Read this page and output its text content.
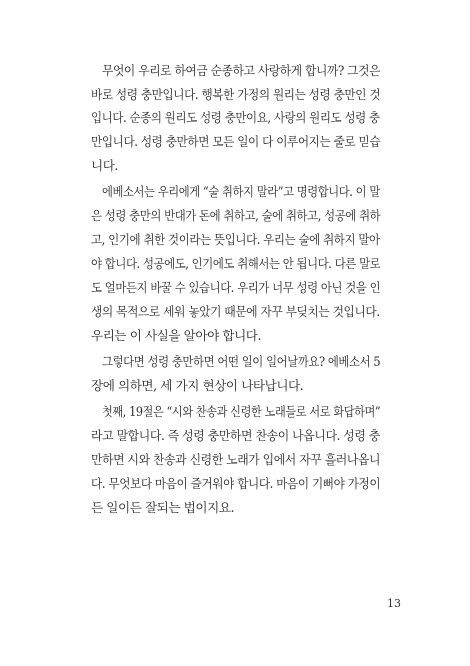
무엇이 우리로 하여금 순종하고 사랑하게 합니까? 그것은
바로 성령 충만입니다. 행복한 가정의 원리는 성령 충만인 것
입니다. 순종의 원리도 성령 충만이요, 사랑의 원리도 성령 충
만입니다. 성령 충만하면 모든 일이 다 이루어지는 줄로 믿습
니다.
에베소서는 우리에게 “술 취하지 말라”고 명령합니다. 이 말
은 성령 충만의 반대가 돈에 취하고, 술에 취하고, 성공에 취하
고, 인기에 취한 것이라는 뜻입니다. 우리는 술에 취하지 말아
야 합니다. 성공에도, 인기에도 취해서는 안 됩니다. 다른 말로
도 얼마든지 바꿀 수 있습니다. 우리가 너무 성령 아닌 것을 인
생의 목적으로 세워 놓았기 때문에 자꾸 부딪치는 것입니다.
우리는 이 사실을 알아야 합니다.
그렇다면 성령 충만하면 어떤 일이 일어날까요? 에베소서 5
장에 의하면, 세 가지 현상이 나타납니다.
첫째, 19절은 “시와 찬송과 신령한 노래들로 서로 화답하며”
라고 말합니다. 즉 성령 충만하면 찬송이 나옵니다. 성령 충
만하면 시와 찬송과 신령한 노래가 입에서 자꾸 흘러나옵니
다. 무엇보다 마음이 즐거워야 합니다. 마음이 기뻐야 가정이
든 일이든 잘되는 법이지요.
13
